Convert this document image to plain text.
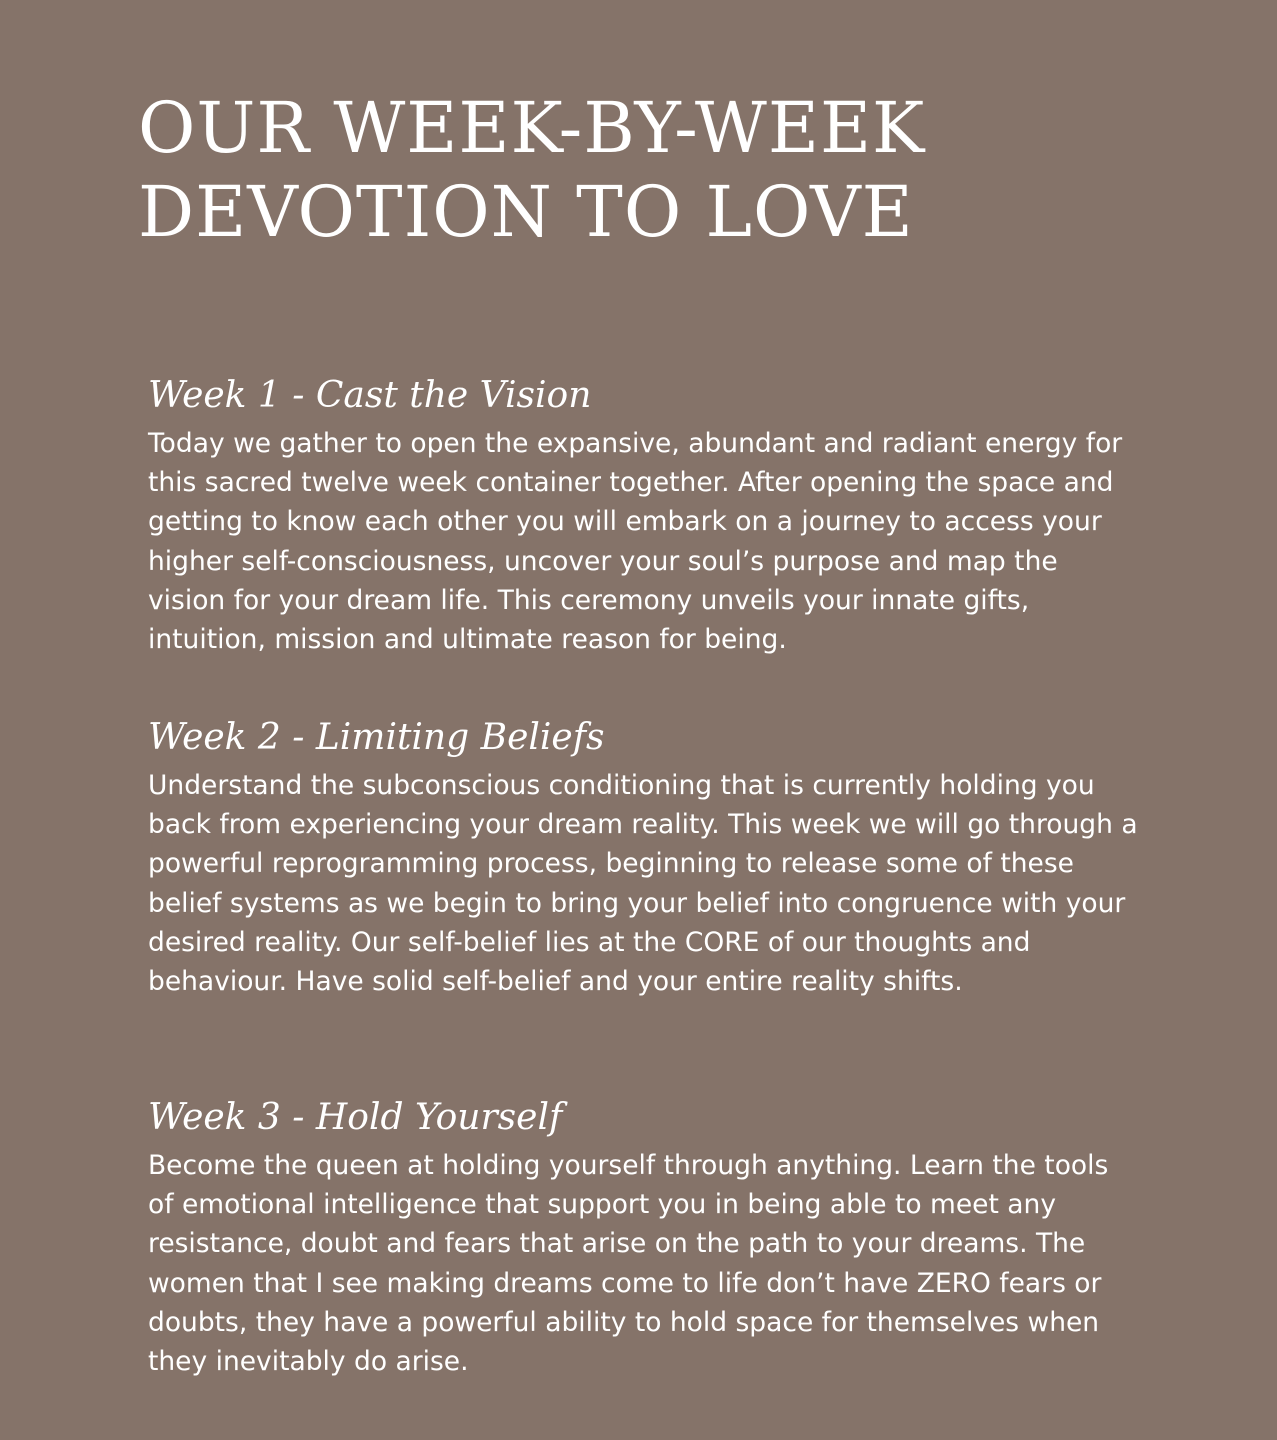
OUR WEEK-BY-WEEK
DEVOTION TO LOVE
Week 1 - Cast the Vision

Today we gather to open the expansive, abundant and radiant energy for this sacred twelve week container together. After opening the space and getting to know each other you will embark on a journey to access your higher self-consciousness, uncover your soul’s purpose and map the vision for your dream life. This ceremony unveils your innate gifts, intuition, mission and ultimate reason for being.

Week 2 - Limiting Beliefs

Understand the subconscious conditioning that is currently holding you back from experiencing your dream reality. This week we will go through a powerful reprogramming process, beginning to release some of these belief systems as we begin to bring your belief into congruence with your desired reality. Our self-belief lies at the CORE of our thoughts and behaviour. Have solid self-belief and your entire reality shifts.

Week 3 - Hold Yourself

Become the queen at holding yourself through anything. Learn the tools of emotional intelligence that support you in being able to meet any resistance, doubt and fears that arise on the path to your dreams. The women that I see making dreams come to life don’t have ZERO fears or doubts, they have a powerful ability to hold space for themselves when they inevitably do arise.
